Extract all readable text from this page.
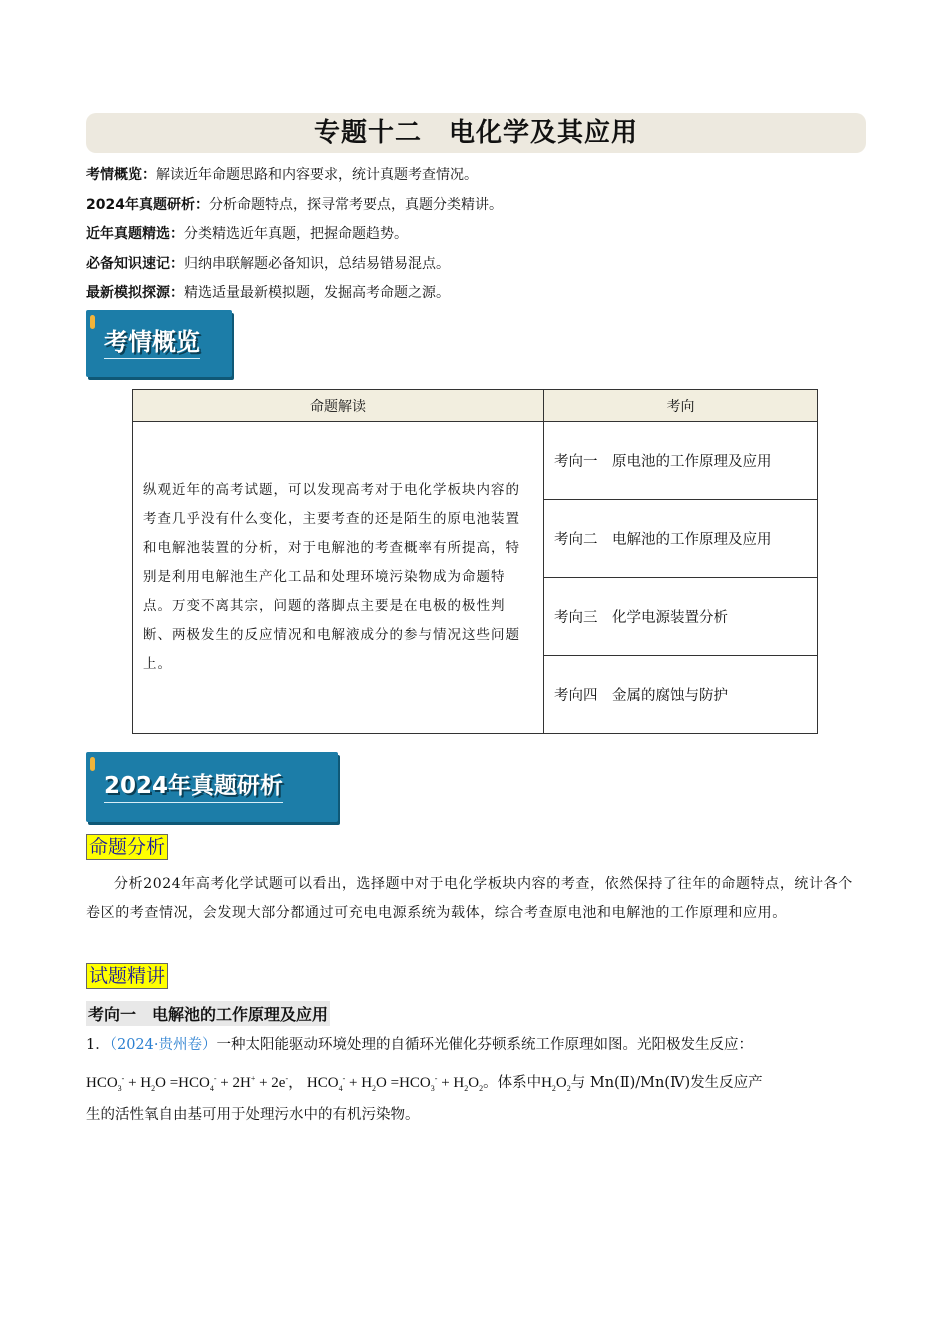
专题十二　电化学及其应用
考情概览：解读近年命题思路和内容要求，统计真题考查情况。
2024年真题研析：分析命题特点，探寻常考要点，真题分类精讲。
近年真题精选：分类精选近年真题，把握命题趋势。
必备知识速记：归纳串联解题必备知识，总结易错易混点。
最新模拟探源：精选适量最新模拟题，发掘高考命题之源。
考情概览
命题解读	考向
纵观近年的高考试题，可以发现高考对于电化学板块内容的考查几乎没有什么变化，主要考查的还是陌生的原电池装置和电解池装置的分析，对于电解池的考查概率有所提高，特别是利用电解池生产化工品和处理环境污染物成为命题特点。万变不离其宗，问题的落脚点主要是在电极的极性判断、两极发生的反应情况和电解液成分的参与情况这些问题上。	考向一　原电池的工作原理及应用
	考向二　电解池的工作原理及应用
	考向三　化学电源装置分析
	考向四　金属的腐蚀与防护
2024年真题研析
命题分析
分析2024年高考化学试题可以看出，选择题中对于电化学板块内容的考查，依然保持了往年的命题特点，统计各个卷区的考查情况，会发现大部分都通过可充电电源系统为载体，综合考查原电池和电解池的工作原理和应用。
试题精讲
考向一　电解池的工作原理及应用
1．（2024·贵州卷）一种太阳能驱动环境处理的自循环光催化芬顿系统工作原理如图。光阳极发生反应：
$HCO_3^- + H_2O =HCO_4^- + 2H^+ + 2e^-$， $HCO_4^- + H_2O =HCO_3^- + H_2O_2$。体系中$H_2O_2$与 Mn(Ⅱ)/Mn(Ⅳ)发生反应产
生的活性氧自由基可用于处理污水中的有机污染物。
